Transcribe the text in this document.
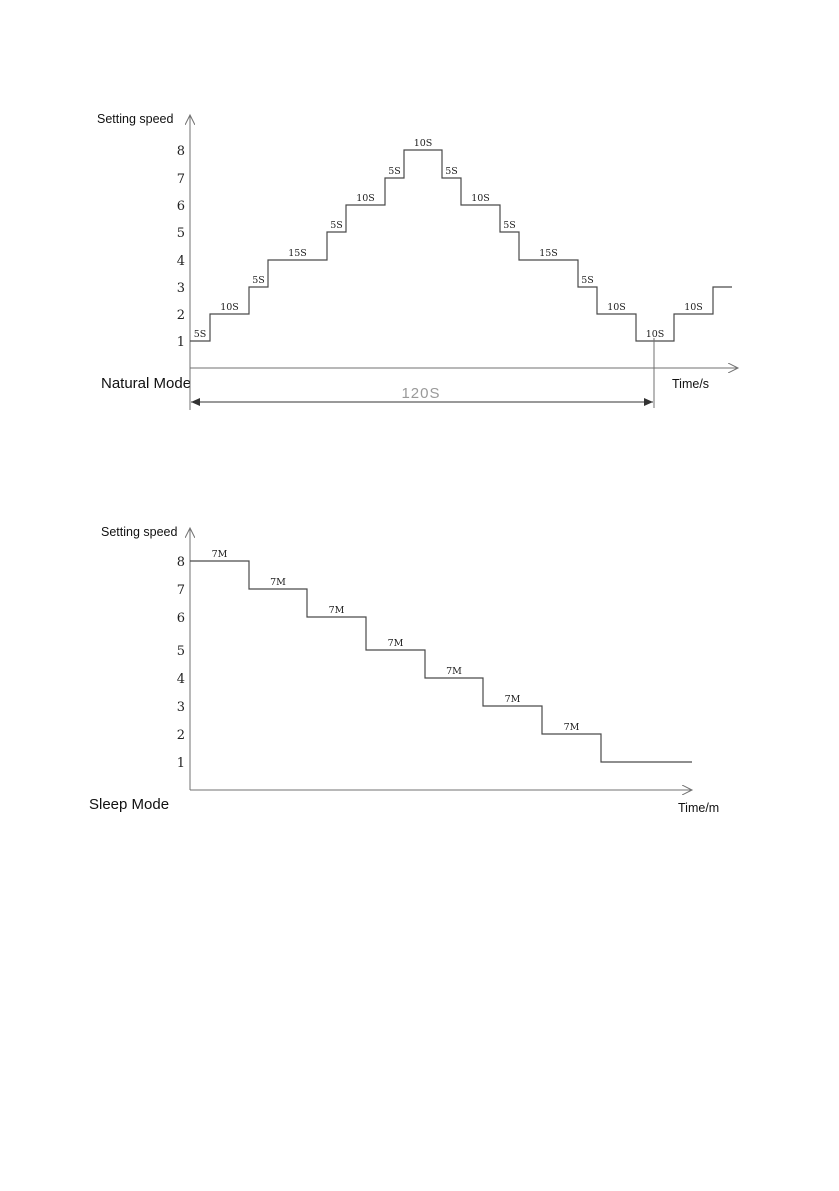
Setting speed
Time/s
Natural Mode
120S
1
2
3
4
5
6
7
8
5S
10S
5S
15S
5S
10S
5S
10S
5S
10S
5S
15S
5S
10S
10S
10S
Setting speed
Time/m
Sleep Mode
1
2
3
4
5
6
7
8
7M
7M
7M
7M
7M
7M
7M
